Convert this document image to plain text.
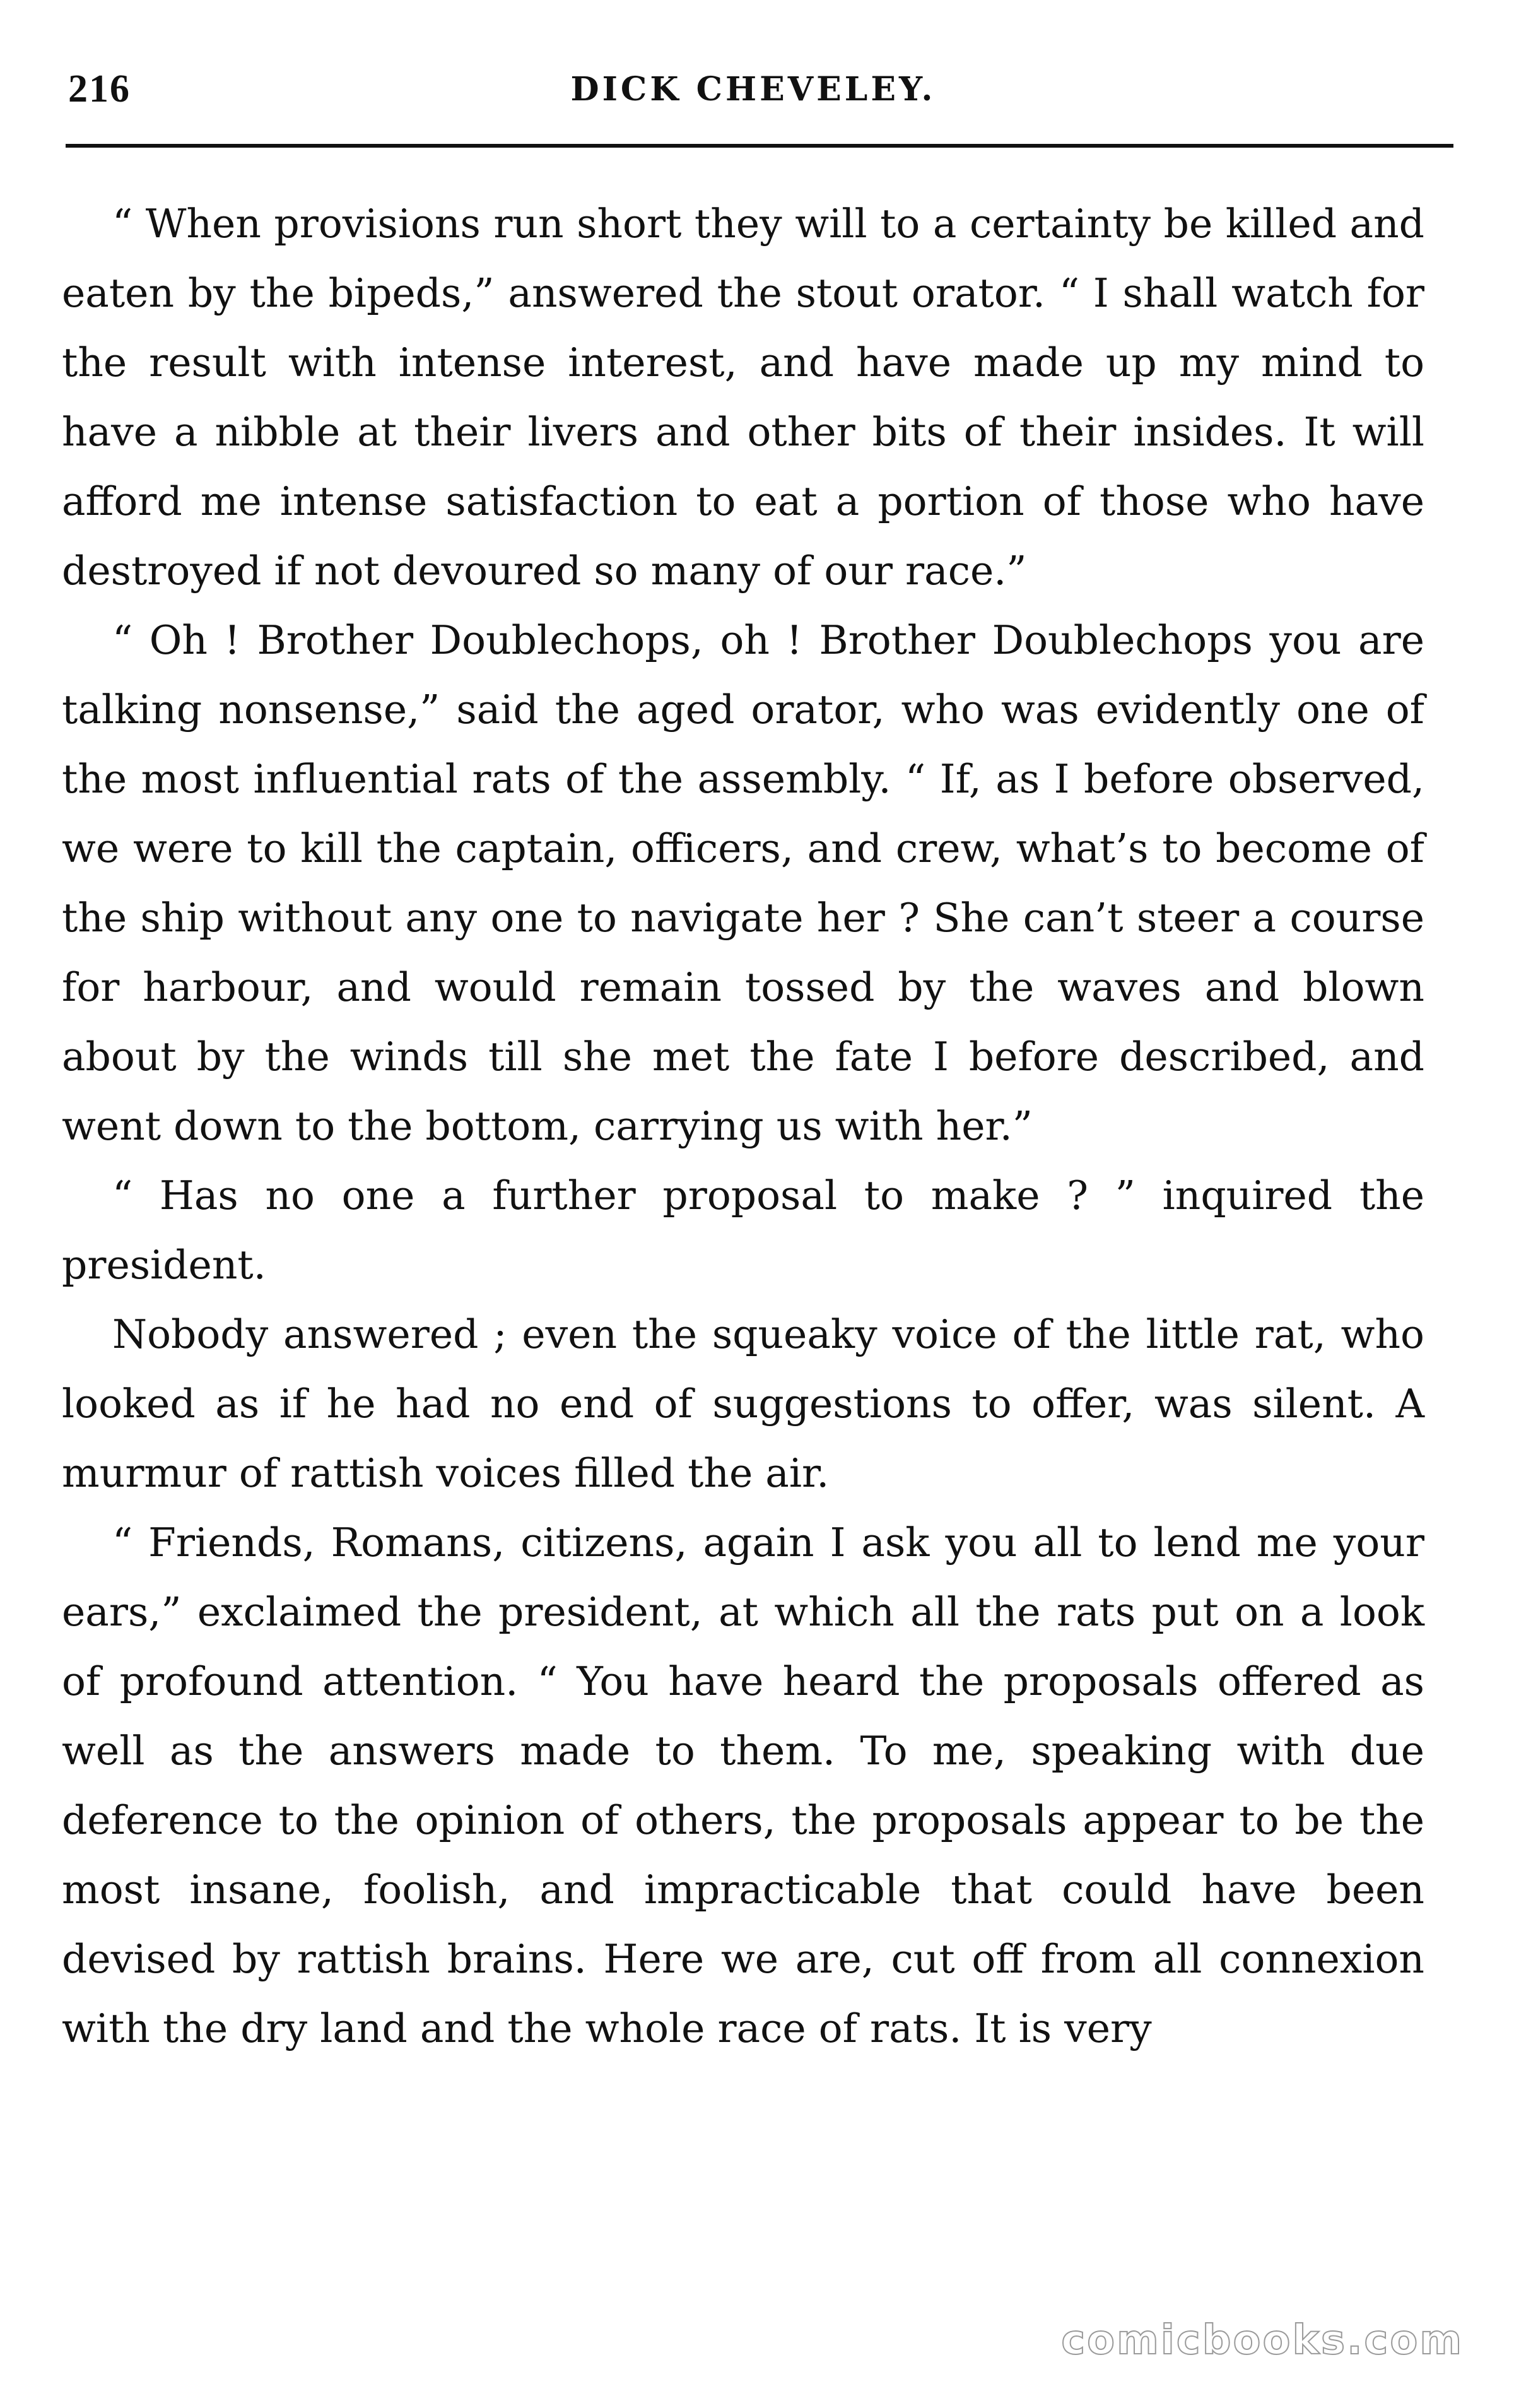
216	DICK CHEVELEY.

“ When provisions run short they will to a certainty be killed and eaten by the bipeds,” answered the stout orator. “ I shall watch for the result with intense interest, and have made up my mind to have a nibble at their livers and other bits of their insides. It will afford me intense satisfaction to eat a portion of those who have destroyed if not devoured so many of our race.”

“ Oh ! Brother Doublechops, oh ! Brother Doublechops you are talking nonsense,” said the aged orator, who was evidently one of the most influential rats of the assembly. “ If, as I before observed, we were to kill the captain, officers, and crew, what’s to become of the ship without any one to navigate her ? She can’t steer a course for harbour, and would remain tossed by the waves and blown about by the winds till she met the fate I before described, and went down to the bottom, carrying us with her.”

“ Has no one a further proposal to make ? ” inquired the president.

Nobody answered ; even the squeaky voice of the little rat, who looked as if he had no end of suggestions to offer, was silent. A murmur of rattish voices filled the air.

“ Friends, Romans, citizens, again I ask you all to lend me your ears,” exclaimed the president, at which all the rats put on a look of profound attention. “ You have heard the proposals offered as well as the answers made to them. To me, speaking with due deference to the opinion of others, the proposals appear to be the most insane, foolish, and impracticable that could have been devised by rattish brains. Here we are, cut off from all connexion with the dry land and the whole race of rats. It is very

comicbooks.com
